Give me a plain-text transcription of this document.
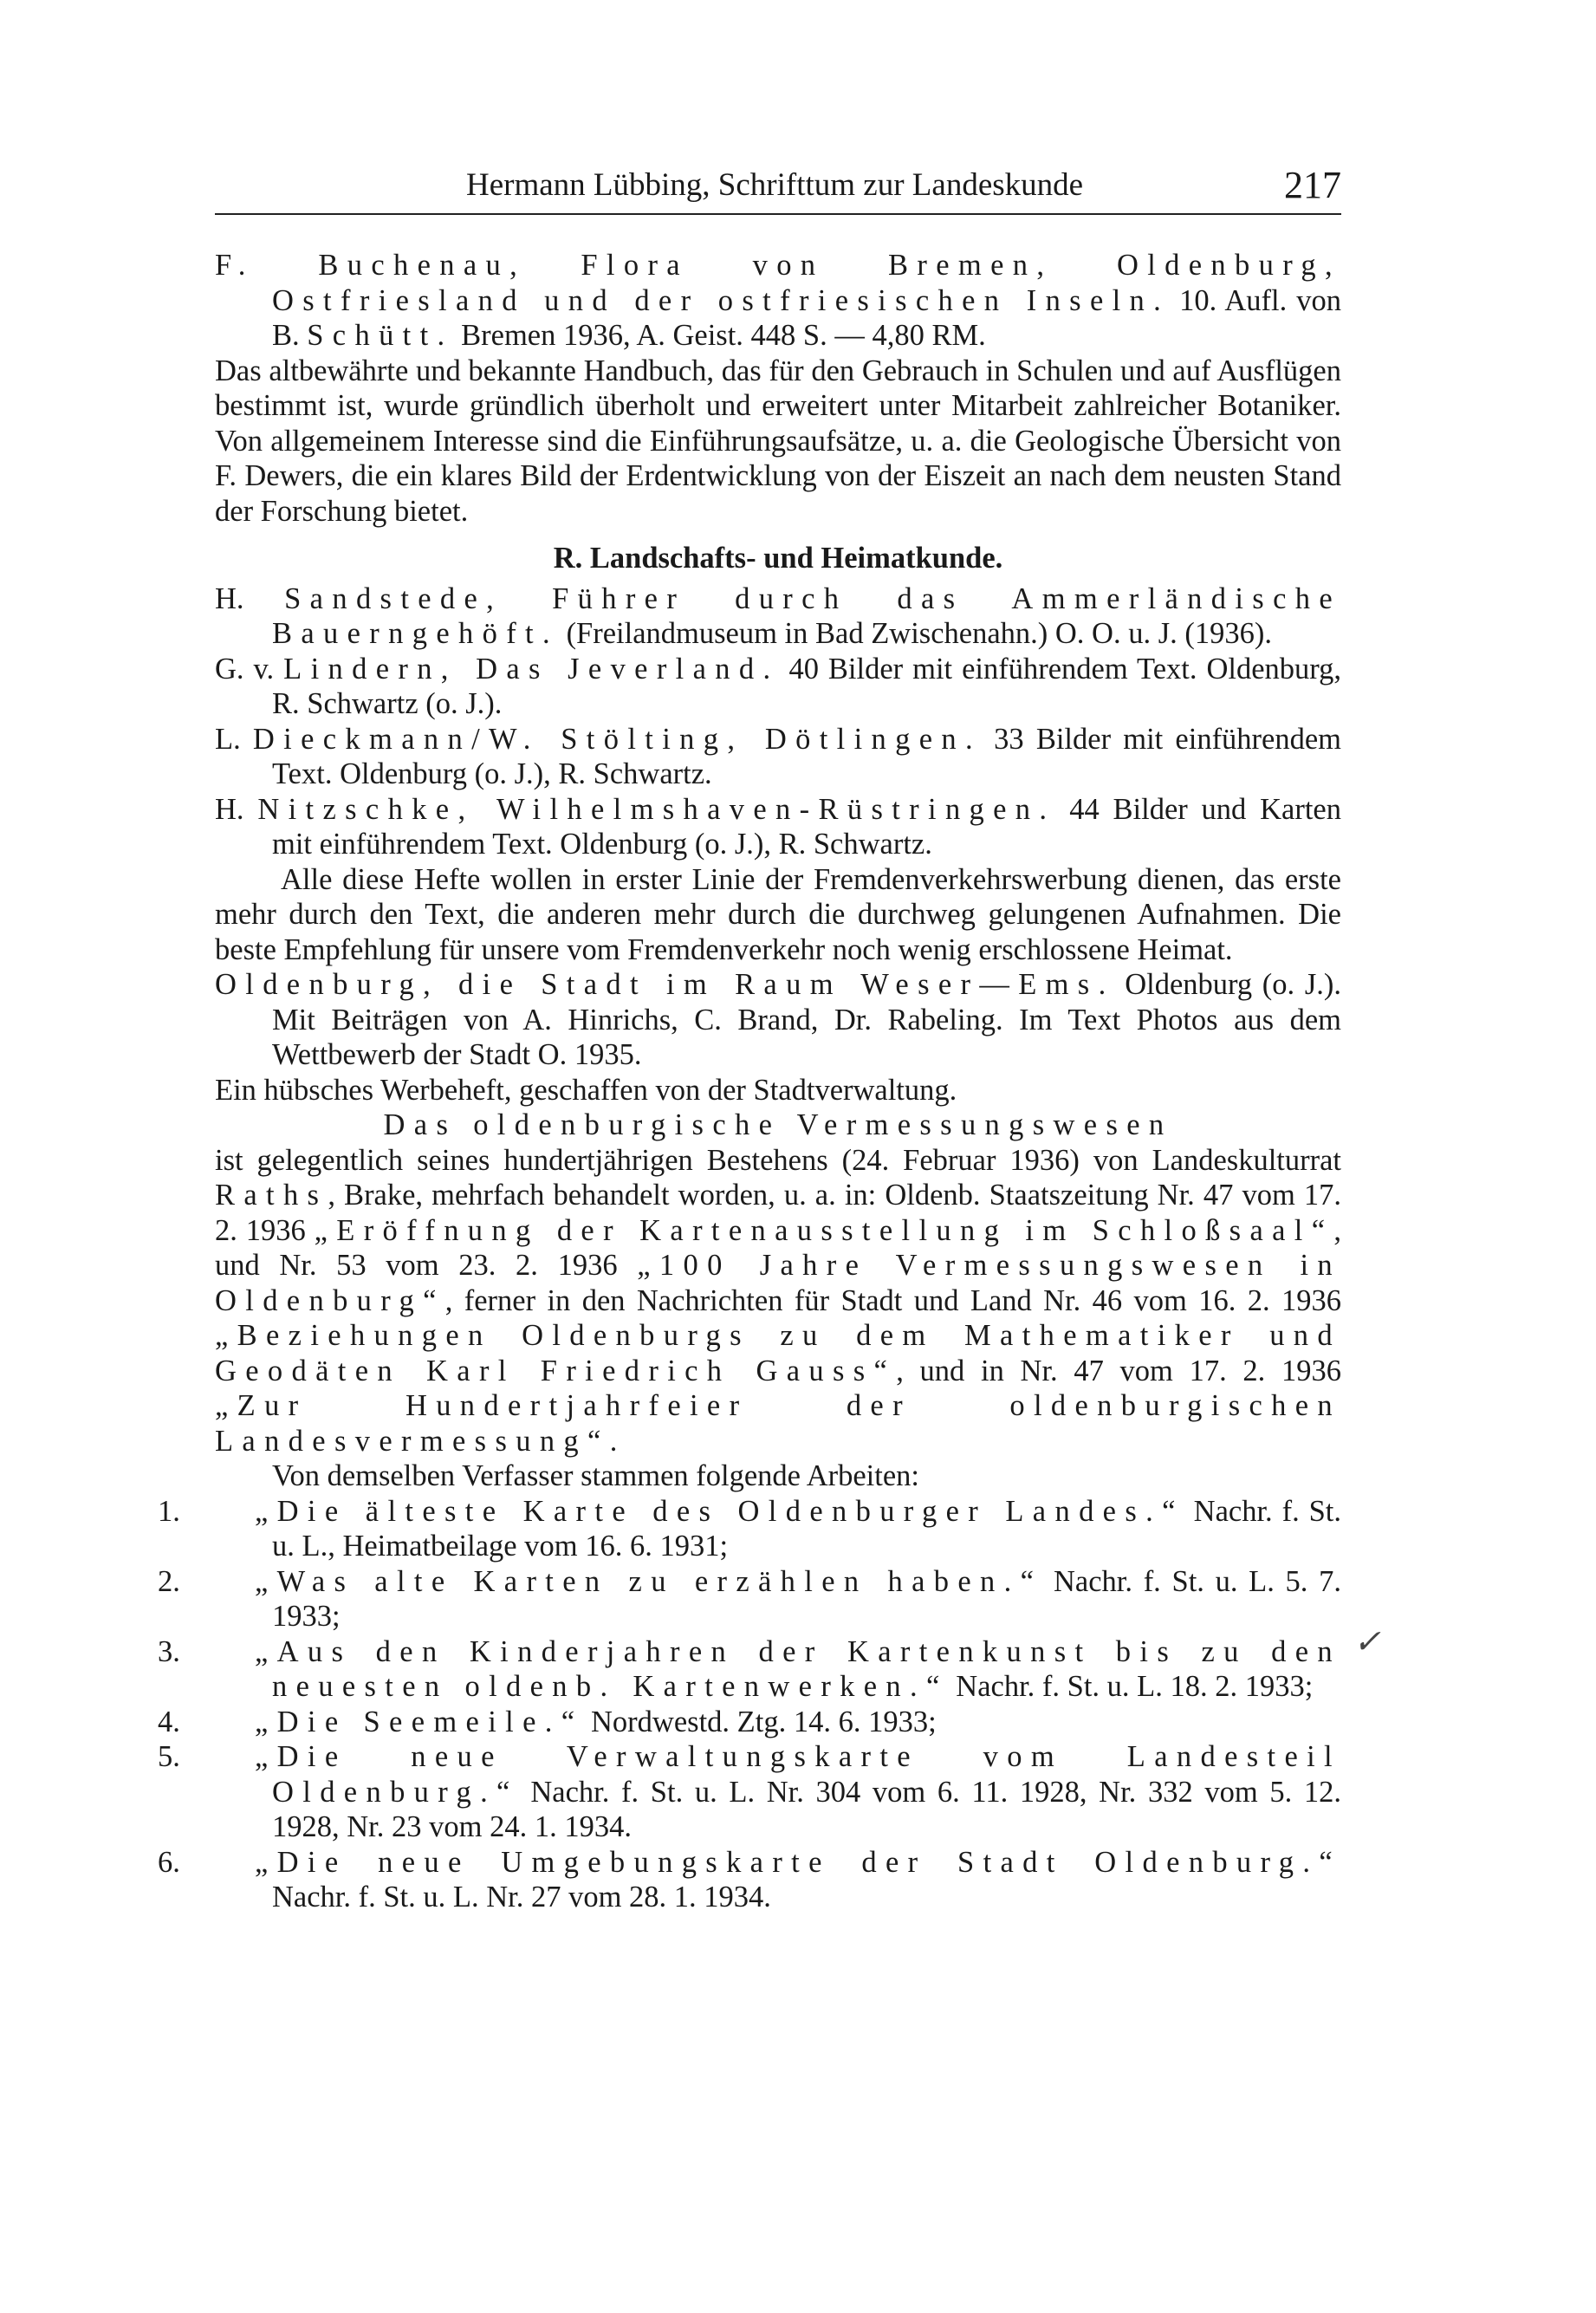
Hermann Lübbing, Schrifttum zur Landeskunde	217

F. Buchenau, Flora von Bremen, Oldenburg, Ostfriesland und der ostfriesischen Inseln. 10. Aufl. von B. Schütt. Bremen 1936, A. Geist. 448 S. — 4,80 RM.

Das altbewährte und bekannte Handbuch, das für den Gebrauch in Schulen und auf Ausflügen bestimmt ist, wurde gründlich überholt und erweitert unter Mitarbeit zahlreicher Botaniker. Von allgemeinem Interesse sind die Einführungsaufsätze, u. a. die Geologische Übersicht von F. Dewers, die ein klares Bild der Erdentwicklung von der Eiszeit an nach dem neusten Stand der Forschung bietet.

R. Landschafts- und Heimatkunde.

H. Sandstede, Führer durch das Ammerländische Bauerngehöft. (Freilandmuseum in Bad Zwischenahn.) O. O. u. J. (1936).

G. v. Lindern, Das Jeverland. 40 Bilder mit einführendem Text. Oldenburg, R. Schwartz (o. J.).

L. Dieckmann/W. Stölting, Dötlingen. 33 Bilder mit einführendem Text. Oldenburg (o. J.), R. Schwartz.

H. Nitzschke, Wilhelmshaven-Rüstringen. 44 Bilder und Karten mit einführendem Text. Oldenburg (o. J.), R. Schwartz.

Alle diese Hefte wollen in erster Linie der Fremdenverkehrswerbung dienen, das erste mehr durch den Text, die anderen mehr durch die durchweg gelungenen Aufnahmen. Die beste Empfehlung für unsere vom Fremdenverkehr noch wenig erschlossene Heimat.

Oldenburg, die Stadt im Raum Weser—Ems. Oldenburg (o. J.). Mit Beiträgen von A. Hinrichs, C. Brand, Dr. Rabeling. Im Text Photos aus dem Wettbewerb der Stadt O. 1935.

Ein hübsches Werbeheft, geschaffen von der Stadtverwaltung.

Das oldenburgische Vermessungswesen

ist gelegentlich seines hundertjährigen Bestehens (24. Februar 1936) von Landeskulturrat Raths, Brake, mehrfach behandelt worden, u. a. in: Oldenb. Staatszeitung Nr. 47 vom 17. 2. 1936 „Eröffnung der Kartenausstellung im Schloßsaal“, und Nr. 53 vom 23. 2. 1936 „100 Jahre Vermessungswesen in Oldenburg“, ferner in den Nachrichten für Stadt und Land Nr. 46 vom 16. 2. 1936 „Beziehungen Oldenburgs zu dem Mathematiker und Geodäten Karl Friedrich Gauss“, und in Nr. 47 vom 17. 2. 1936 „Zur Hundertjahrfeier der oldenburgischen Landesvermessung“.

Von demselben Verfasser stammen folgende Arbeiten:

1. „Die älteste Karte des Oldenburger Landes.“ Nachr. f. St. u. L., Heimatbeilage vom 16. 6. 1931;

2. „Was alte Karten zu erzählen haben.“ Nachr. f. St. u. L. 5. 7. 1933;

3. „Aus den Kinderjahren der Kartenkunst bis zu den neuesten oldenb. Kartenwerken.“ Nachr. f. St. u. L. 18. 2. 1933;

4. „Die Seemeile.“ Nordwestd. Ztg. 14. 6. 1933;

5. „Die neue Verwaltungskarte vom Landesteil Oldenburg.“ Nachr. f. St. u. L. Nr. 304 vom 6. 11. 1928, Nr. 332 vom 5. 12. 1928, Nr. 23 vom 24. 1. 1934.

6. „Die neue Umgebungskarte der Stadt Oldenburg.“ Nachr. f. St. u. L. Nr. 27 vom 28. 1. 1934.

✓
